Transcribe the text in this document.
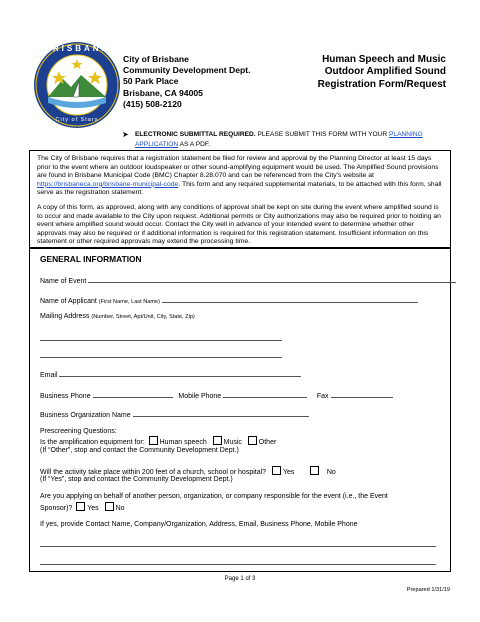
BRISBANE
City of Stars
City of Brisbane
Community Development Dept.
50 Park Place
Brisbane, CA 94005
(415) 508-2120
Human Speech and Music
Outdoor Amplified Sound
Registration Form/Request
➤ ELECTRONIC SUBMITTAL REQUIRED. PLEASE SUBMIT THIS FORM WITH YOUR PLANNING APPLICATION AS A PDF.

The City of Brisbane requires that a registration statement be filed for review and approval by the Planning Director at least 15 days prior to the event where an outdoor loudspeaker or other sound-amplifying equipment would be used. The Amplified Sound provisions are found in Brisbane Municipal Code (BMC) Chapter 8.28.070 and can be referenced from the City’s website at https://brisbaneca.org/brisbane-municipal-code. This form and any required supplemental materials, to be attached with this form, shall serve as the registration statement.

A copy of this form, as approved, along with any conditions of approval shall be kept on site during the event where amplified sound is to occur and made available to the City upon request. Additional permits or City authorizations may also be required prior to holding an event where amplified sound would occur. Contact the City well in advance of your intended event to determine whether other approvals may also be required or if additional information is required for this registration statement. Insufficient information on this statement or other required approvals may extend the processing time.

GENERAL INFORMATION
Name of Event
Name of Applicant (First Name, Last Name)
Mailing Address (Number, Street, Apt/Unit, City, State, Zip)
Email
Business Phone	Mobile Phone	Fax
Business Organization Name
Prescreening Questions:
Is the amplification equipment for: Human speech Music Other
(If “Other”, stop and contact the Community Development Dept.)
Will the activity take place within 200 feet of a church, school or hospital? Yes	No
(If “Yes”, stop and contact the Community Development Dept.)
Are you applying on behalf of another person, organization, or company responsible for the event (i.e., the Event
Sponsor)? Yes No
If yes, provide Contact Name, Company/Organization, Address, Email, Business Phone, Mobile Phone
Page 1 of 3
Prepared 1/31/19
